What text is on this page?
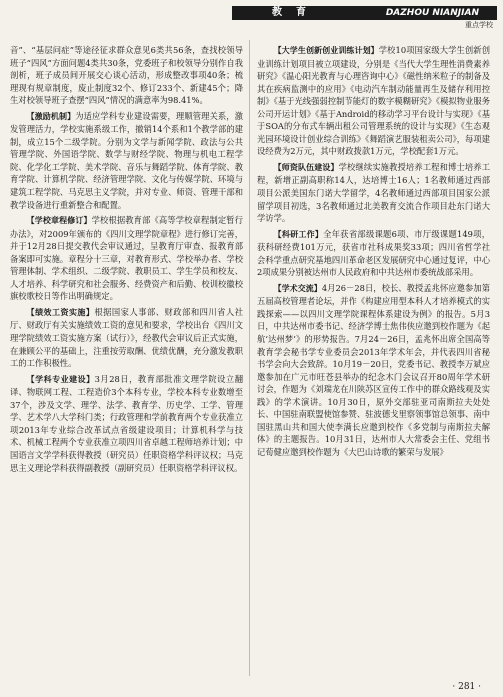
教　育	DAZHOU NIANJIAN
重点学校

音”、“基层问症”等途径征求群众意见6类共56条，查找校领导班子“四风”方面问题4类共30条，党委班子和校领导分别作自我剖析，班子成员间开展交心谈心活动，形成整改事项40条；梳理现有规章制度，废止制度32个、修订233个、新建45个；降生对校领导班子查摆“四风”情况的满意率为98.41%。

【激励机制】为适应学科专业建设需要，理顺管理关系，激发管理活力，学校实施系级工作，撤销14个系和1个教学部的建制，成立15个二级学院。分别为文学与新闻学院、政法与公共管理学院、外国语学院、数学与财经学院、物理与机电工程学院、化学化工学院、美术学院、音乐与舞蹈学院、体育学院、教育学院、计算机学院、经济管理学院、文化与传媒学院、环境与建筑工程学院、马克思主义学院，并对专业、师资、管理干部和教学设备进行重新整合和配置。

【学校章程修订】学校根据教育部《高等学校章程制定暂行办法》，对2009年颁布的《四川文理学院章程》进行修订完善，并于12月28日提交教代会审议通过，呈教育厅审查、报教育部备案即可实施。章程分十三章，对教育形式、学校举办者、学校管理体制、学术组织、二级学院、教职员工、学生学员和校友、人才培养、科学研究和社会服务、经费资产和后勤、校训校徽校旗校歌校日等作出明确规定。

【绩效工资实施】根据国家人事部、财政部和四川省人社厅、财政厅有关实施绩效工资的意见和要求，学校出台《四川文理学院绩效工资实施方案（试行）》，经教代会审议后正式实施，在兼顾公平的基础上，注重按劳取酬、优绩优酬，充分激发教职工的工作积极性。

【学科专业建设】3月28日，教育部批准文理学院设立翻译、物联网工程、工程造价3个本科专业，学校本科专业数增至37个，涉及文学、理学、法学、教育学、历史学、工学、管理学、艺术学八大学科门类；行政管理和学前教育两个专业获准立项2013年专业综合改革试点省级建设项目；计算机科学与技术、机械工程两个专业获准立项四川省卓越工程师培养计划；中国语言文学学科获得教授（研究员）任职资格学科评议权；马克思主义理论学科获得副教授（副研究员）任职资格学科评议权。

【大学生创新创业训练计划】学校10项国家级大学生创新创业训练计划项目被立项建设，分别是《当代大学生理性消费素养研究》《温心阳光教育与心理咨询中心》《磁性纳米粒子的制备及其在疾病监测中的应用》《电动汽车制动能量再生及储存利用控制》《基于光线强弱控制节能灯的数字模糊研究》《模拟物业服务公司开运计划》《基于Android的移动学习平台设计与实现》《基于SOA的分布式车辆出租公司管理系统的设计与实现》《生态观光园环境设计创业综合训练》《舞蹈演艺服装租卖公司》，每项建设经费为2万元，其中财政拨款1万元，学校配套1万元。

【师资队伍建设】学校继续实施教授培养工程和博士培养工程，新增正副高职称14人，达培博士16人；1名教师通过西部项目公派美国东门诺大学留学，4名教师通过西部项目国家公派留学项目初选，3名教师通过北美教育交流合作项目赴东门诺大学访学。

【科研工作】全年获省部级课题6项、市厅级课题149项，获科研经费101万元，获省市社科成果奖33项；四川省哲学社会科学重点研究基地四川革命老区发展研究中心通过复评，中心2项成果分别被达州市人民政府和中共达州市委统战部采用。

【学术交流】4月26－28日，校长、教授孟兆怀应邀参加第五届高校管理者论坛，并作《构建应用型本科人才培养模式的实践探索——以四川文理学院课程体系建设为例》的报告。5月3日，中共达州市委书记、经济学博士焦伟侠应邀到校作题为《起航‘达州梦’》的形势报告。7月24－26日，孟兆怀出席全国高等教育学会秘书学专业委员会2013年学术年会，并代表四川省秘书学会向大会致辞。10月19－20日，党委书记、教授李万斌应邀参加在广元市旺苍县举办的纪念木门会议召开80周年学术研讨会，作题为《刘瑞龙在川陕苏区宣传工作中的群众路线观及实践》的学术演讲。10月30日，原外交部驻亚司南斯拉夫处处长、中国驻南联盟使馆参赞、驻波德戈里察领事馆总领事、南中国驻黑山共和国大使李满长应邀到校作《多党制与南斯拉夫解体》的主题报告。10月31日，达州市人大常委会主任、党组书记荀健应邀到校作题为《大巴山诗歌的繁荣与发展》

· 281 ·
